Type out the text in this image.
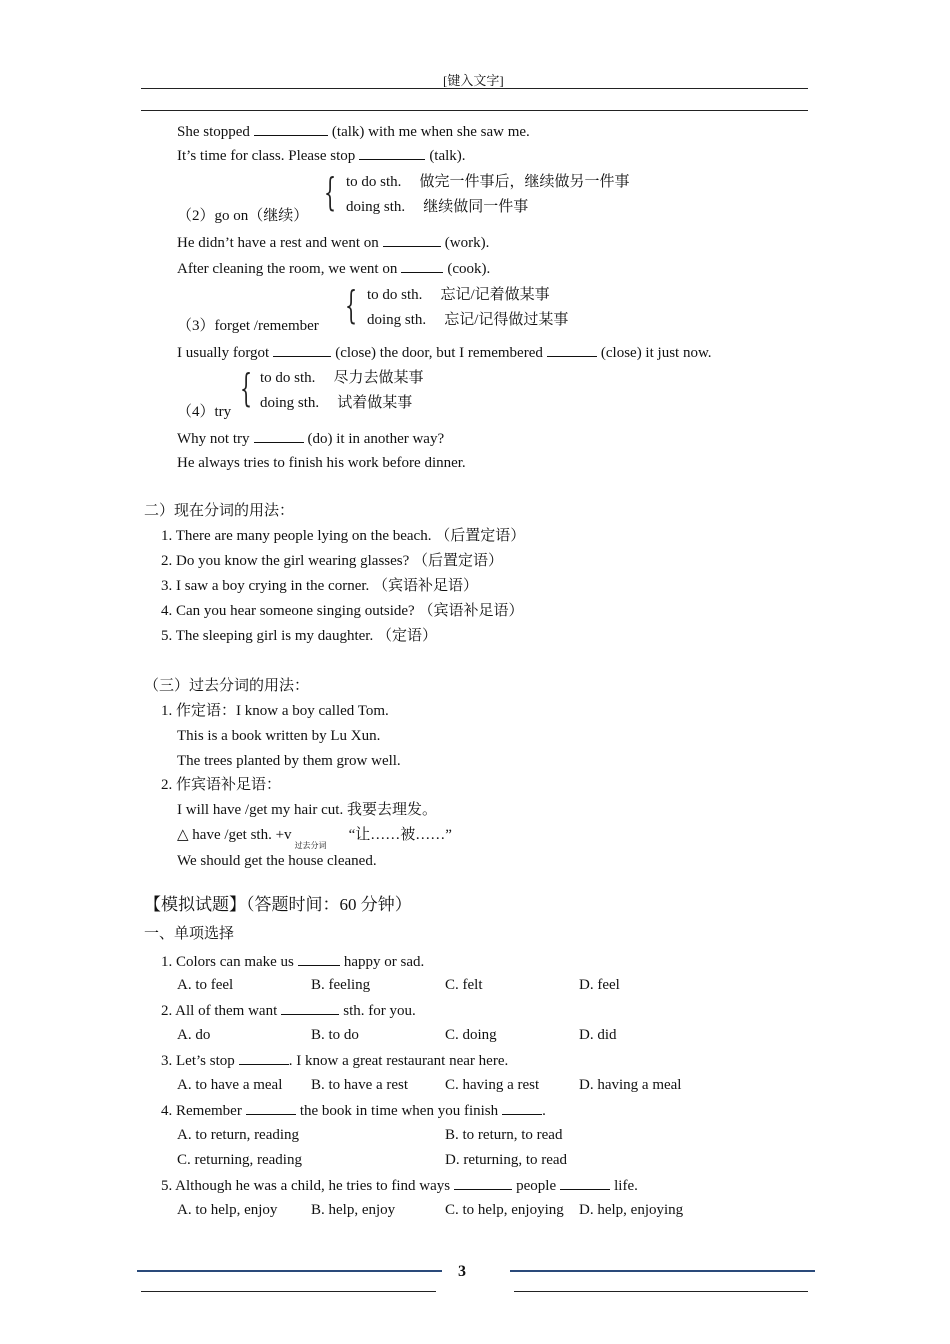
[键入文字]
She stopped	(talk) with me when she saw me.
It’s time for class. Please stop	(talk).
{ to do sth. 做完一件事后，继续做另一件事
doing sth. 继续做同一件事
（2）go on（继续）
He didn’t have a rest and went on	(work).
After cleaning the room, we went on	(cook).
{ to do sth. 忘记/记着做某事
doing sth. 忘记/记得做过某事
（3）forget /remember
I usually forgot	(close) the door, but I remembered	(close) it just now.
{ to do sth. 尽力去做某事
doing sth. 试着做某事
（4）try
Why not try	(do) it in another way?
He always tries to finish his work before dinner.
二）现在分词的用法：
1. There are many people lying on the beach. （后置定语）
2. Do you know the girl wearing glasses? （后置定语）
3. I saw a boy crying in the corner. （宾语补足语）
4. Can you hear someone singing outside? （宾语补足语）
5. The sleeping girl is my daughter. （定语）
（三）过去分词的用法：
1. 作定语：I know a boy called Tom.
This is a book written by Lu Xun.
The trees planted by them grow well.
2. 作宾语补足语：
I will have /get my hair cut. 我要去理发。
△ have /get sth. $+v_{过去分词}“$让……被……”
We should get the house cleaned.
【模拟试题】（答题时间：60 分钟）
一、单项选择
1. Colors can make us	happy or sad.
A. to feel	B. feeling	C. felt	D. feel
2. All of them want	sth. for you.
A. do	B. to do	C. doing	D. did
3. Let’s stop	. I know a great restaurant near here.
A. to have a meal B. to have a rest C. having a rest	D. having a meal
4. Remember	the book in time when you finish	.
A. to return, reading	B. to return, to read
C. returning, reading	D. returning, to read
5. Although he was a child, he tries to find ways	people	life.
A. to help, enjoy B. help, enjoy	C. to help, enjoying D. help, enjoying
3
